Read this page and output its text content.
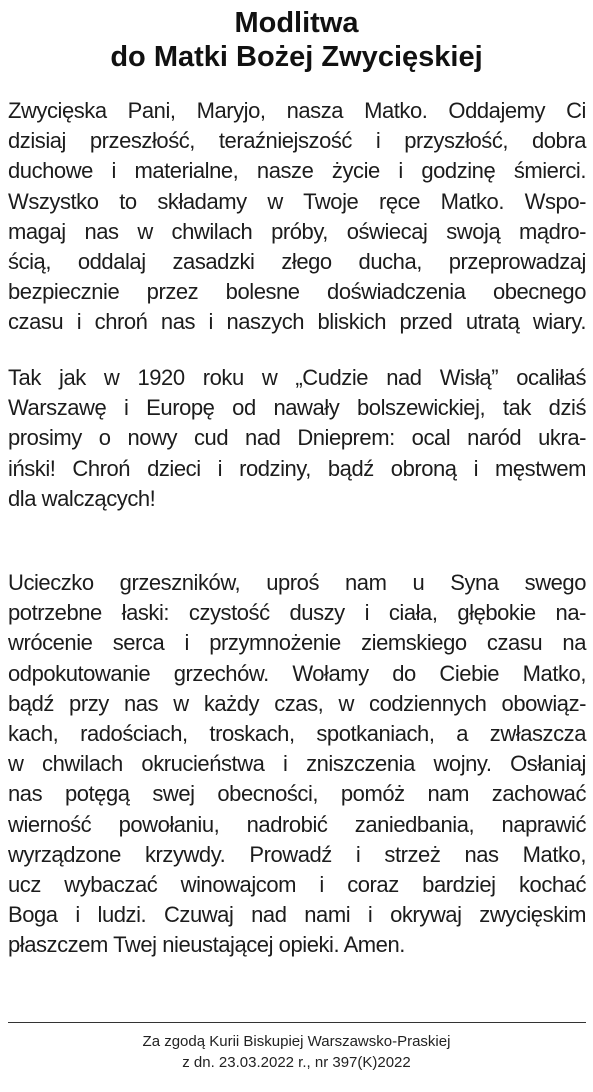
Modlitwa
do Matki Bożej Zwycięskiej
Zwycięska Pani, Maryjo, nasza Matko. Oddajemy Ci
dzisiaj przeszłość, teraźniejszość i przyszłość, dobra
duchowe i materialne, nasze życie i godzinę śmierci.
Wszystko to składamy w Twoje ręce Matko. Wspo-
magaj nas w chwilach próby, oświecaj swoją mądro-
ścią, oddalaj zasadzki złego ducha, przeprowadzaj
bezpiecznie przez bolesne doświadczenia obecnego
czasu i chroń nas i naszych bliskich przed utratą wiary.
Tak jak w 1920 roku w „Cudzie nad Wisłą” ocaliłaś
Warszawę i Europę od nawały bolszewickiej, tak dziś
prosimy o nowy cud nad Dnieprem: ocal naród ukra-
iński! Chroń dzieci i rodziny, bądź obroną i męstwem
dla walczących!
Ucieczko grzeszników, uproś nam u Syna swego
potrzebne łaski: czystość duszy i ciała, głębokie na-
wrócenie serca i przymnożenie ziemskiego czasu na
odpokutowanie grzechów. Wołamy do Ciebie Matko,
bądź przy nas w każdy czas, w codziennych obowiąz-
kach, radościach, troskach, spotkaniach, a zwłaszcza
w chwilach okrucieństwa i zniszczenia wojny. Osłaniaj
nas potęgą swej obecności, pomóż nam zachować
wierność powołaniu, nadrobić zaniedbania, naprawić
wyrządzone krzywdy. Prowadź i strzeż nas Matko,
ucz wybaczać winowajcom i coraz bardziej kochać
Boga i ludzi. Czuwaj nad nami i okrywaj zwycięskim
płaszczem Twej nieustającej opieki. Amen.
Za zgodą Kurii Biskupiej Warszawsko-Praskiej
z dn. 23.03.2022 r., nr 397(K)2022
